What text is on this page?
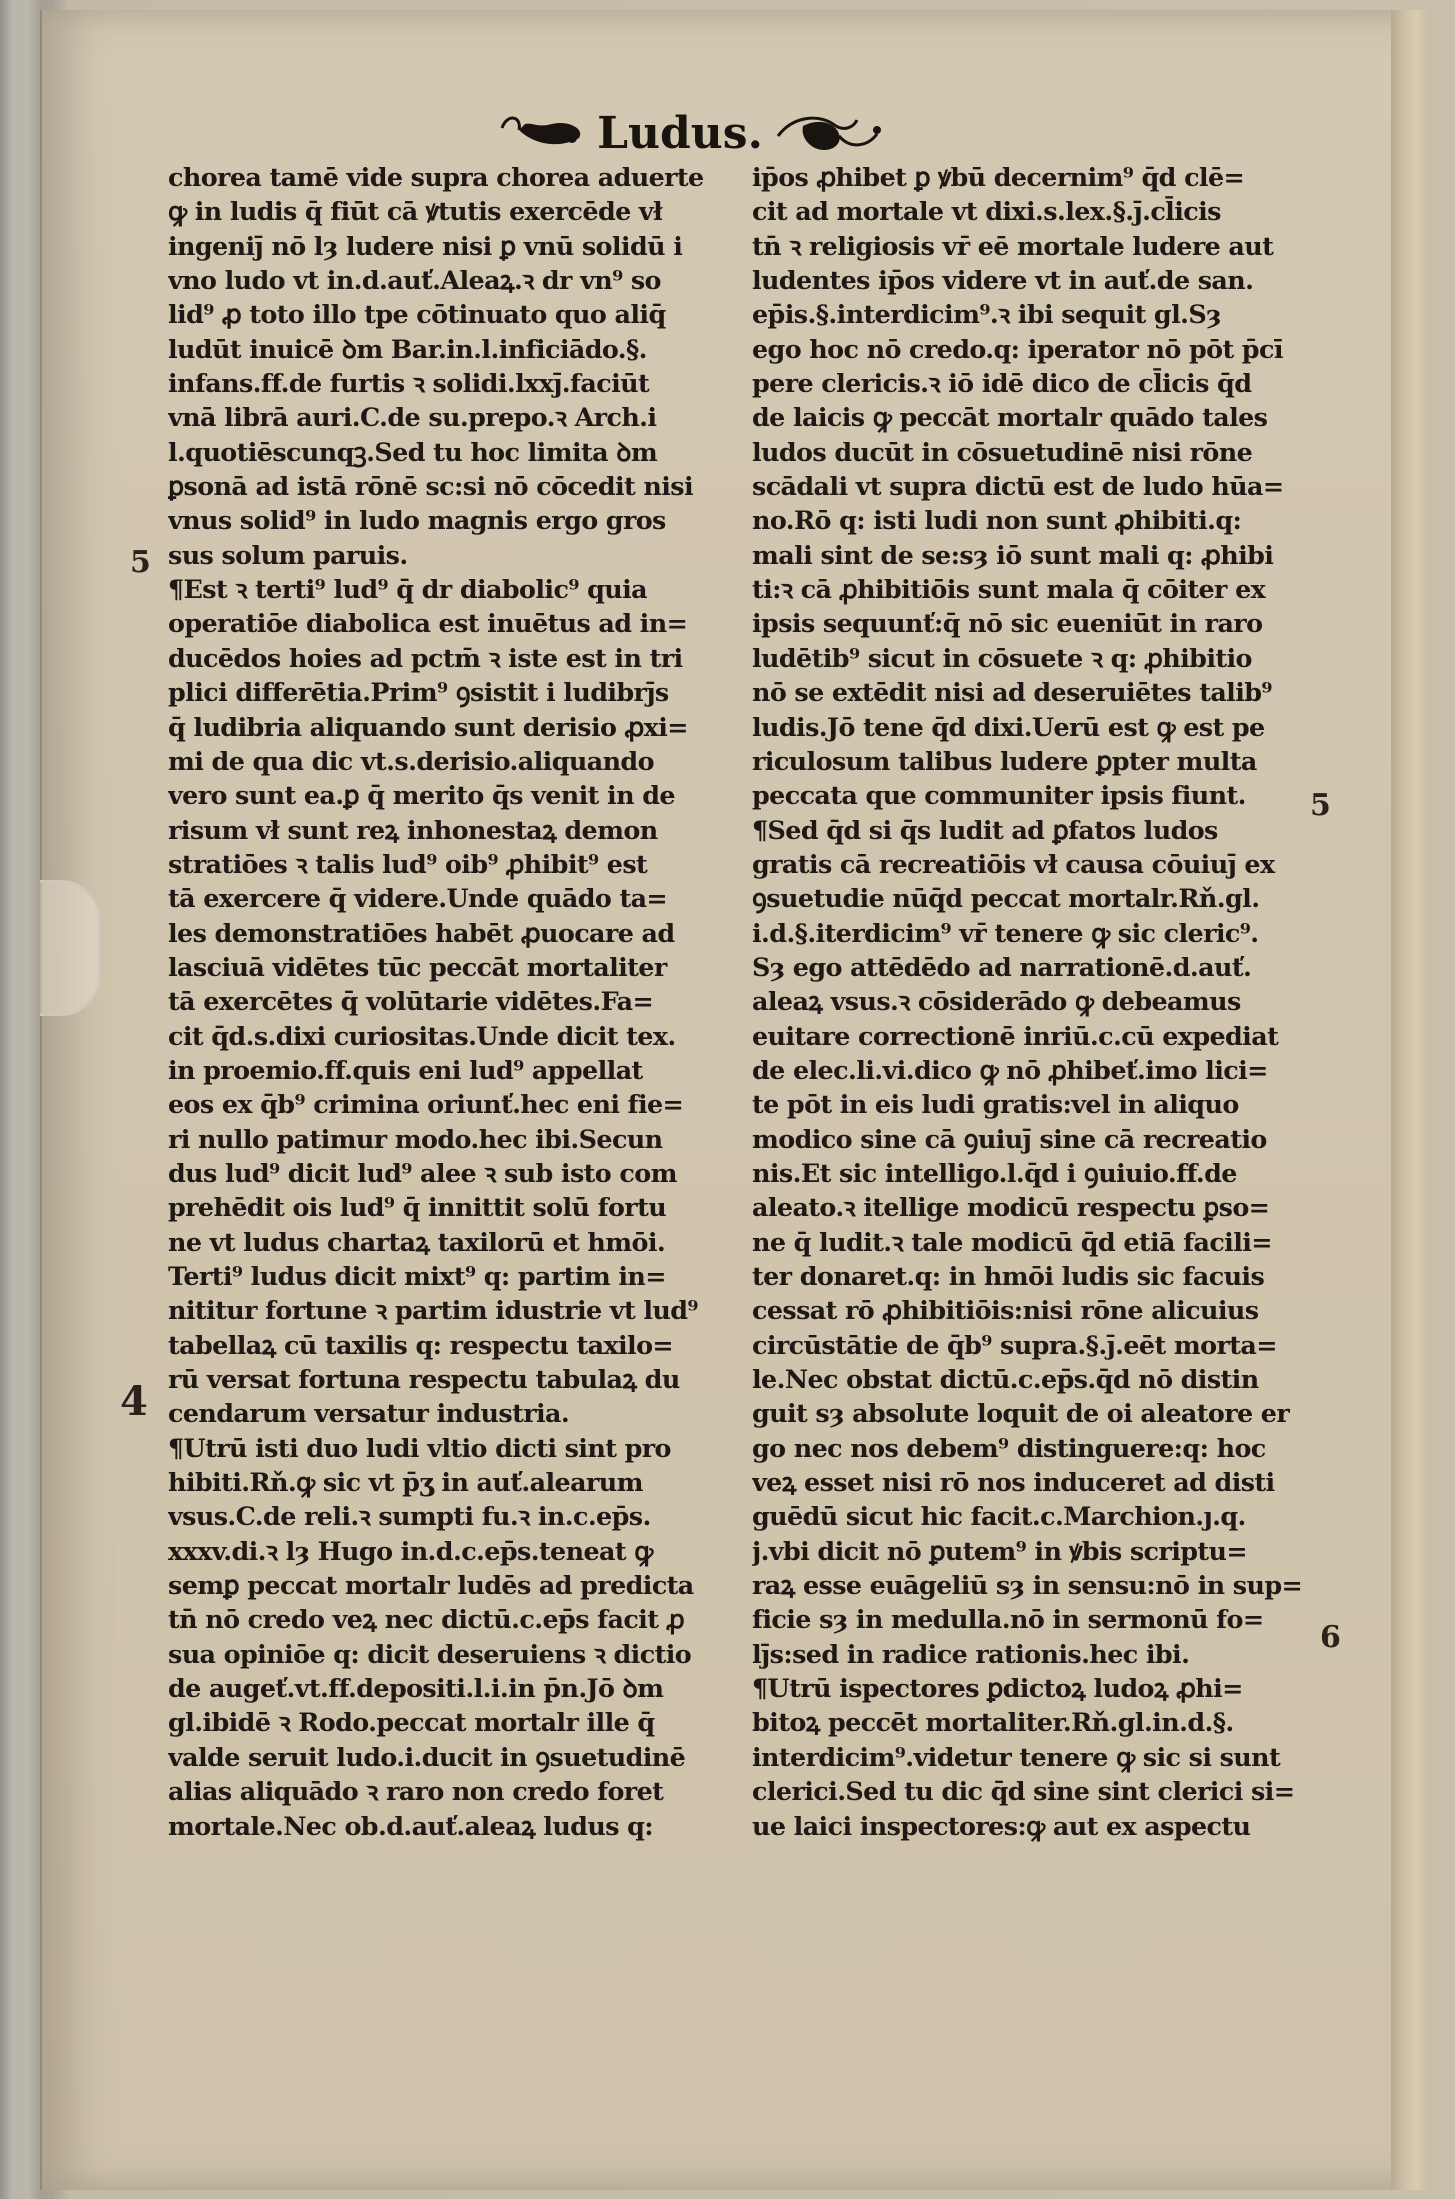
Ludus.
chorea tamē vide supra chorea aduerte
ꝙ in ludis q̄ fiūt cā ꝟtutis exercēde vł
ingeniȷ̄ nō lȝ ludere nisi ꝑ vnū solidū i
vno ludo vt in.d.auť.Aleaꝝ.ꝛ dr vn⁹ so
lid⁹ ꝓ toto illo tpe cōtinuato quo aliq̄
ludūt inuicē ꝺm Bar.in.l.inficiādo.§.
infans.ff.de furtis ꝛ solidi.lxxȷ̄.faciūt
vnā librā auri.C.de su.prepo.ꝛ Arch.i
l.quotiēscunqꝫ.Sed tu hoc limita ꝺm
ꝑsonā ad istā rōnē sc:si nō cōcedit nisi
vnus solid⁹ in ludo magnis ergo gros
sus solum paruis.
¶Est ꝛ terti⁹ lud⁹ q̄ dr diabolic⁹ quia
operatiōe diabolica est inuētus ad in=
ducēdos hoies ad pctm̄ ꝛ iste est in tri
plici differētia.Prim⁹ ꝯsistit i ludibrȷ̄s
q̄ ludibria aliquando sunt derisio ꝓxi=
mi de qua dic vt.s.derisio.aliquando
vero sunt ea.ꝑ q̄ merito q̄s venit in de
risum vł sunt reꝝ inhonestaꝝ demon
stratiōes ꝛ talis lud⁹ oib⁹ ꝓhibit⁹ est
tā exercere q̄ videre.Unde quādo ta=
les demonstratiōes habēt ꝓuocare ad
lasciuā vidētes tūc peccāt mortaliter
tā exercētes q̄ volūtarie vidētes.Fa=
cit q̄d.s.dixi curiositas.Unde dicit tex.
in proemio.ff.quis eni lud⁹ appellat
eos ex q̄b⁹ crimina oriunť.hec eni fie=
ri nullo patimur modo.hec ibi.Secun
dus lud⁹ dicit lud⁹ alee ꝛ sub isto com
prehēdit ois lud⁹ q̄ innittit solū fortu
ne vt ludus chartaꝝ taxilorū et hmōi.
Terti⁹ ludus dicit mixt⁹ q: partim in=
nititur fortune ꝛ partim idustrie vt lud⁹
tabellaꝝ cū taxilis q: respectu taxilo=
rū versat fortuna respectu tabulaꝝ du
cendarum versatur industria.
¶Utrū isti duo ludi vltio dicti sint pro
hibiti.Rň.ꝙ sic vt p̄ʒ in auť.alearum
vsus.C.de reli.ꝛ sumpti fu.ꝛ in.c.ep̄s.
xxxv.di.ꝛ lȝ Hugo in.d.c.ep̄s.teneat ꝙ
semꝑ peccat mortalr ludēs ad predicta
tn̄ nō credo veꝝ nec dictū.c.ep̄s facit ꝓ
sua opiniōe q: dicit deseruiens ꝛ dictio
de augeť.vt.ff.depositi.l.i.in p̄n.Jō ꝺm
gl.ibidē ꝛ Rodo.peccat mortalr ille q̄
valde seruit ludo.i.ducit in ꝯsuetudinē
alias aliquādo ꝛ raro non credo foret
mortale.Nec ob.d.auť.aleaꝝ ludus q:
ip̄os ꝓhibet ꝑ ꝟbū decernim⁹ q̄d clē=
cit ad mortale vt dixi.s.lex.§.ȷ̄.cl̄icis
tn̄ ꝛ religiosis vr̄ eē mortale ludere aut
ludentes ip̄os videre vt in auť.de san.
ep̄is.§.interdicim⁹.ꝛ ibi sequit gl.Sȝ
ego hoc nō credo.q: iperator nō pōt p̄cī
pere clericis.ꝛ iō idē dico de cl̄icis q̄d
de laicis ꝙ peccāt mortalr quādo tales
ludos ducūt in cōsuetudinē nisi rōne
scādali vt supra dictū est de ludo hūa=
no.Rō q: isti ludi non sunt ꝓhibiti.q:
mali sint de se:sȝ iō sunt mali q: ꝓhibi
ti:ꝛ cā ꝓhibitiōis sunt mala q̄ cōiter ex
ipsis sequunť:q̄ nō sic eueniūt in raro
ludētib⁹ sicut in cōsuete ꝛ q: ꝓhibitio
nō se extēdit nisi ad deseruiētes talib⁹
ludis.Jō tene q̄d dixi.Uerū est ꝙ est pe
riculosum talibus ludere ꝑpter multa
peccata que communiter ipsis fiunt.
¶Sed q̄d si q̄s ludit ad ꝑfatos ludos
gratis cā recreatiōis vł causa cōuiuȷ̄ ex
ꝯsuetudie nūq̄d peccat mortalr.Rň.gl.
i.d.§.iterdicim⁹ vr̄ tenere ꝙ sic cleric⁹.
Sȝ ego attēdēdo ad narrationē.d.auť.
aleaꝝ vsus.ꝛ cōsiderādo ꝙ debeamus
euitare correctionē inriū.c.cū expediat
de elec.li.vi.dico ꝙ nō ꝓhibeť.imo lici=
te pōt in eis ludi gratis:vel in aliquo
modico sine cā ꝯuiuȷ̄ sine cā recreatio
nis.Et sic intelligo.l.q̄d i ꝯuiuio.ff.de
aleato.ꝛ itellige modicū respectu ꝑso=
ne q̄ ludit.ꝛ tale modicū q̄d etiā facili=
ter donaret.q: in hmōi ludis sic facuis
cessat rō ꝓhibitiōis:nisi rōne alicuius
circūstātie de q̄b⁹ supra.§.ȷ̄.eēt morta=
le.Nec obstat dictū.c.ep̄s.q̄d nō distin
guit sȝ absolute loquit de oi aleatore er
go nec nos debem⁹ distinguere:q: hoc
veꝝ esset nisi rō nos induceret ad disti
guēdū sicut hic facit.c.Marchion.ȷ.q.
j.vbi dicit nō ꝑutem⁹ in ꝟbis scriptu=
raꝝ esse euāgeliū sȝ in sensu:nō in sup=
ficie sȝ in medulla.nō in sermonū fo=
lȷ̄s:sed in radice rationis.hec ibi.
¶Utrū ispectores ꝑdictoꝝ ludoꝝ ꝓhi=
bitoꝝ peccēt mortaliter.Rň.gl.in.d.§.
interdicim⁹.videtur tenere ꝙ sic si sunt
clerici.Sed tu dic q̄d sine sint clerici si=
ue laici inspectores:ꝙ aut ex aspectu
5
4
5
6
